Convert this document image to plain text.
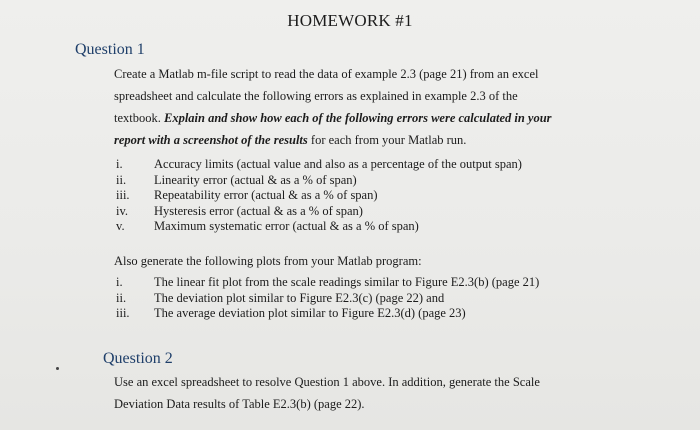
HOMEWORK #1
Question 1
Create a Matlab m-file script to read the data of example 2.3 (page 21) from an excel
spreadsheet and calculate the following errors as explained in example 2.3 of the
textbook. Explain and show how each of the following errors were calculated in your
report with a screenshot of the results for each from your Matlab run.
i.	Accuracy limits (actual value and also as a percentage of the output span)
ii.	Linearity error (actual & as a % of span)
iii.	Repeatability error (actual & as a % of span)
iv.	Hysteresis error (actual & as a % of span)
v.	Maximum systematic error (actual & as a % of span)
Also generate the following plots from your Matlab program:
i.	The linear fit plot from the scale readings similar to Figure E2.3(b) (page 21)
ii.	The deviation plot similar to Figure E2.3(c) (page 22) and
iii.	The average deviation plot similar to Figure E2.3(d) (page 23)
Question 2
Use an excel spreadsheet to resolve Question 1 above. In addition, generate the Scale
Deviation Data results of Table E2.3(b) (page 22).
